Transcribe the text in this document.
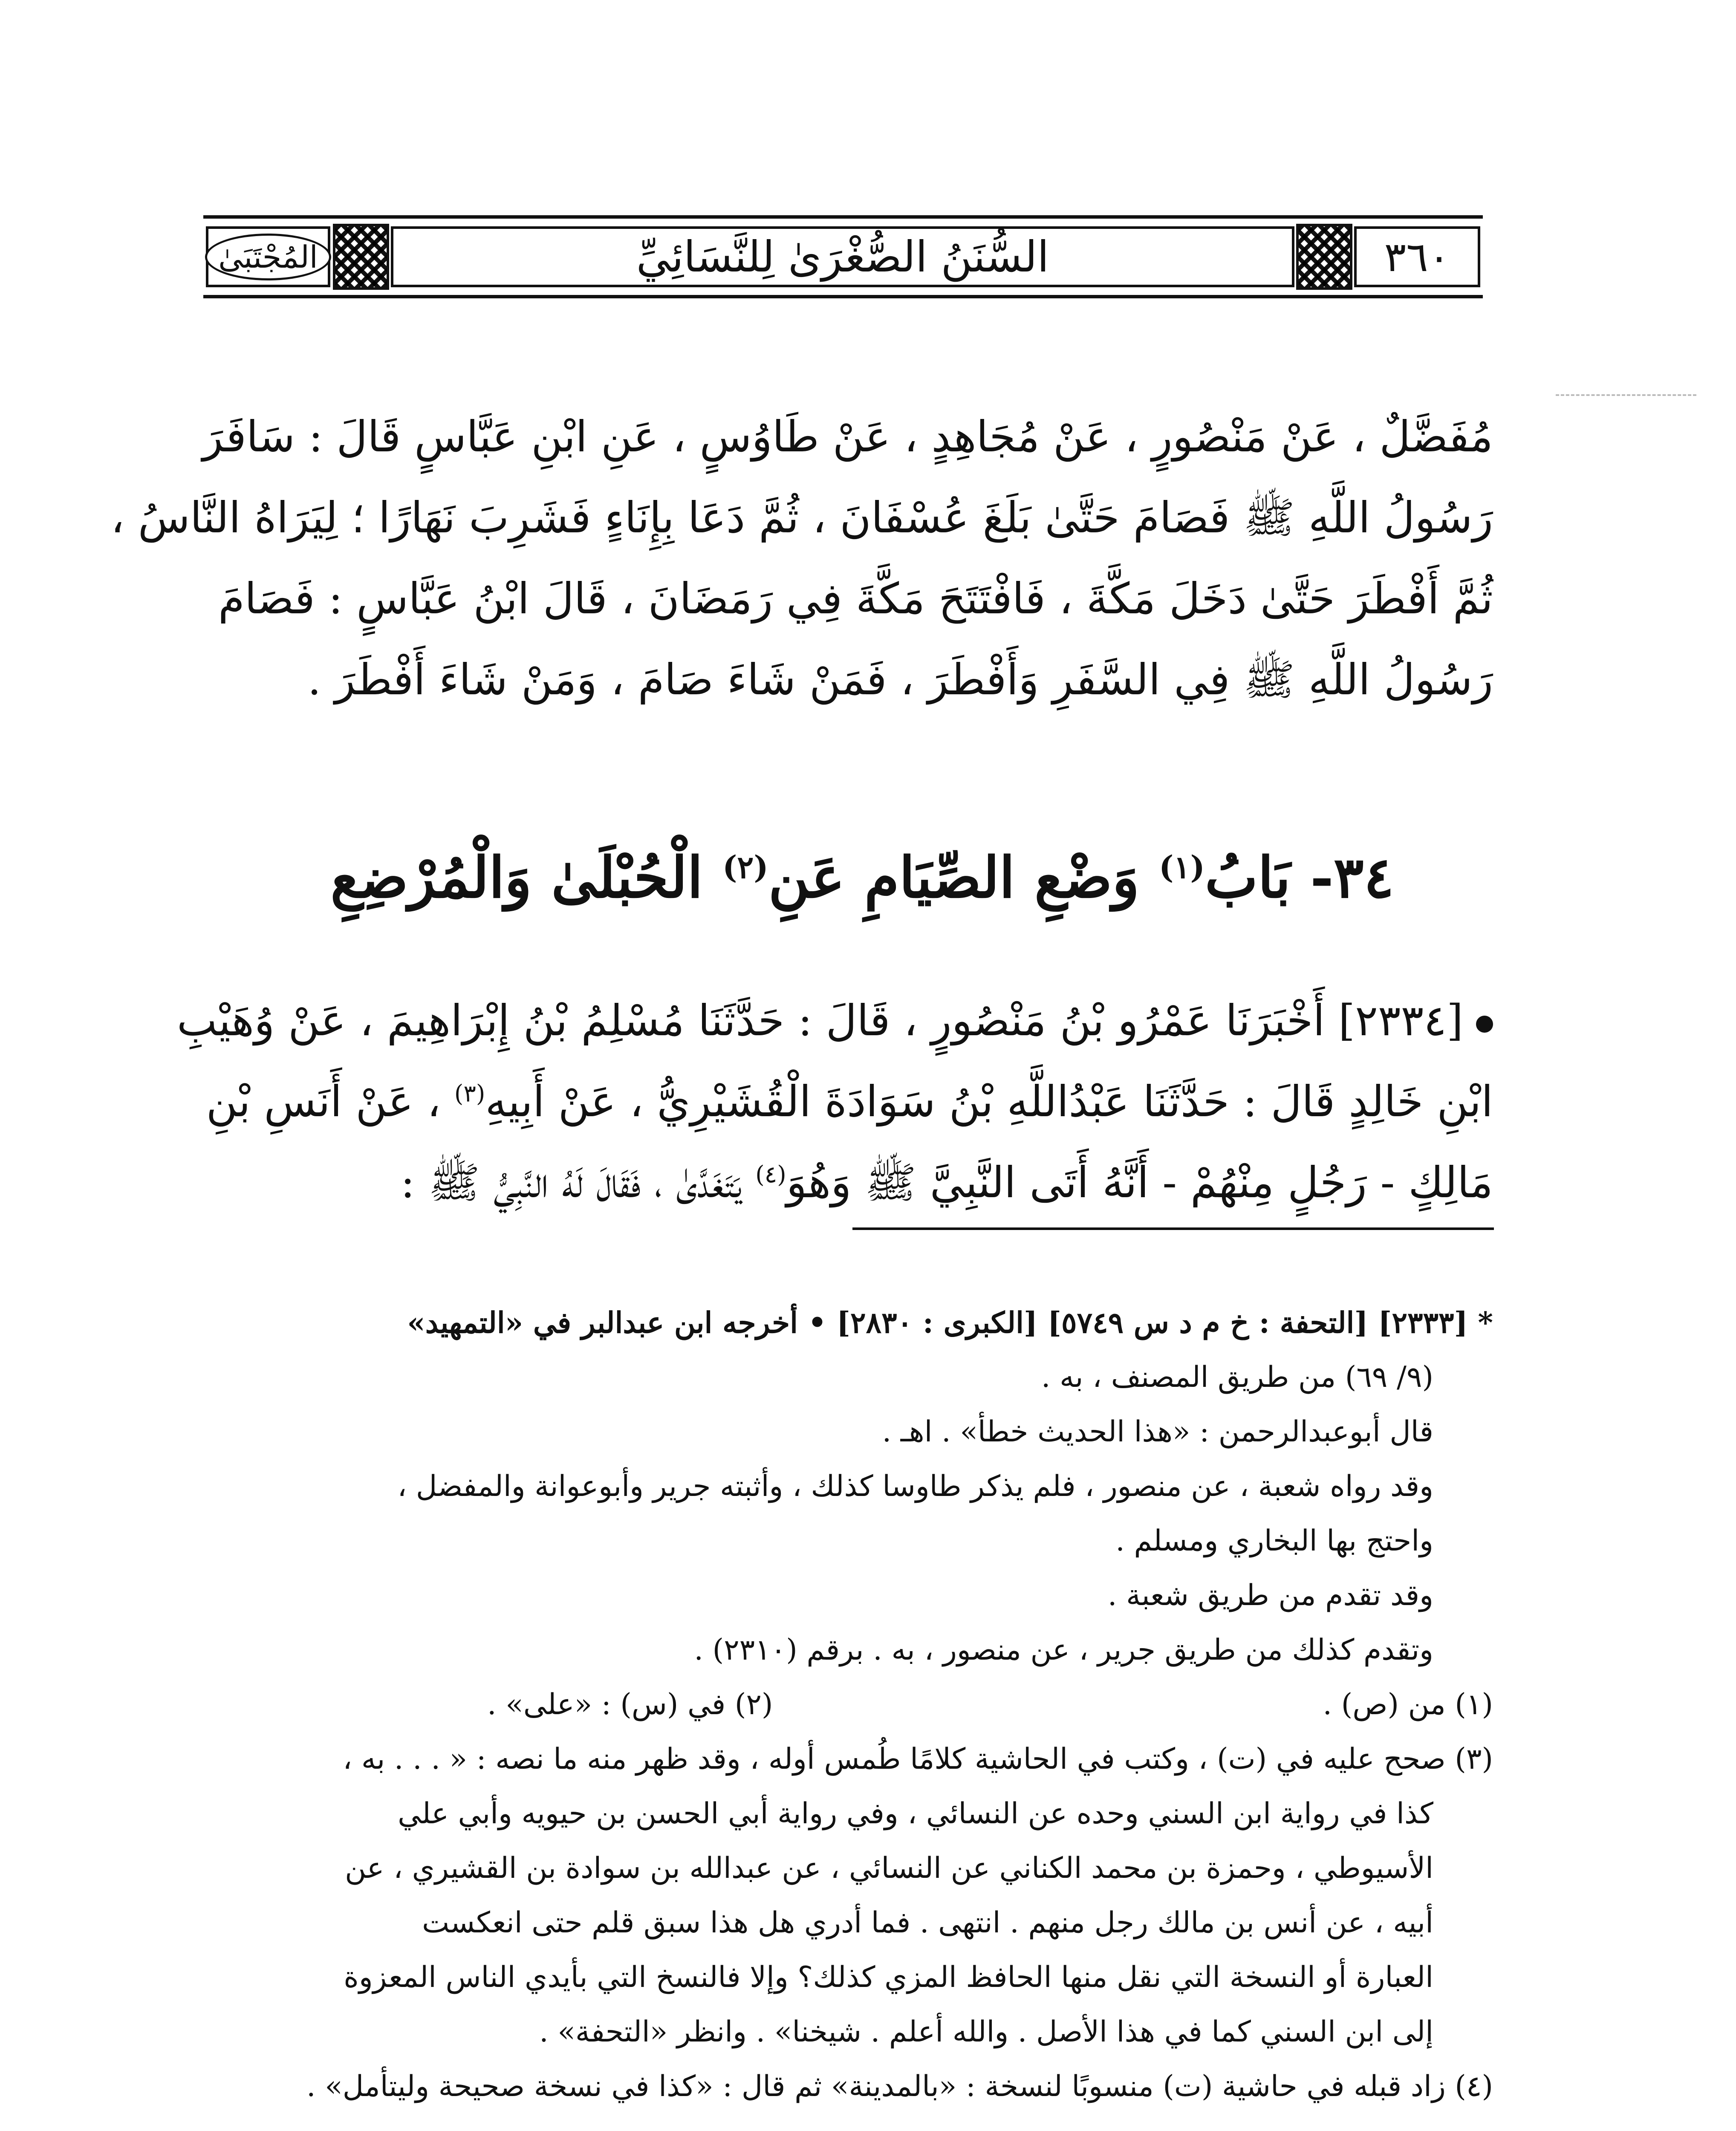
المُجْتَبَىٰ	السُّنَنُ الصُّغْرَىٰ لِلنَّسَائِيِّ	٣٦٠
مُفَضَّلٌ ، عَنْ مَنْصُورٍ ، عَنْ مُجَاهِدٍ ، عَنْ طَاوُسٍ ، عَنِ ابْنِ عَبَّاسٍ قَالَ : سَافَرَ
رَسُولُ اللَّهِ ﷺ فَصَامَ حَتَّىٰ بَلَغَ عُسْفَانَ ، ثُمَّ دَعَا بِإِنَاءٍ فَشَرِبَ نَهَارًا ؛ لِيَرَاهُ النَّاسُ ،
ثُمَّ أَفْطَرَ حَتَّىٰ دَخَلَ مَكَّةَ ، فَافْتَتَحَ مَكَّةَ فِي رَمَضَانَ ، قَالَ ابْنُ عَبَّاسٍ : فَصَامَ
رَسُولُ اللَّهِ ﷺ فِي السَّفَرِ وَأَفْطَرَ ، فَمَنْ شَاءَ صَامَ ، وَمَنْ شَاءَ أَفْطَرَ .
٣٤- بَابُ$^{(١)}$ وَضْعِ الصِّيَامِ عَنِ$^{(٢)}$ الْحُبْلَىٰ وَالْمُرْضِعِ
[٢٣٣٤] أَخْبَرَنَا عَمْرُو بْنُ مَنْصُورٍ ، قَالَ : حَدَّثَنَا مُسْلِمُ بْنُ إِبْرَاهِيمَ ، عَنْ وُهَيْبِ
ابْنِ خَالِدٍ قَالَ : حَدَّثَنَا عَبْدُاللَّهِ بْنُ سَوَادَةَ الْقُشَيْرِيُّ ، عَنْ أَبِيهِ$^{(٣)}$ ، عَنْ أَنَسِ بْنِ
مَالِكٍ - رَجُلٍ مِنْهُمْ - أَنَّهُ أَتَى النَّبِيَّ ﷺ وَهُوَ$^{(٤)}$ يَتَغَدَّىٰ ، فَقَالَ لَهُ النَّبِيُّ ﷺ :
* [٢٣٣٣] [التحفة : خ م د س ٥٧٤٩] [الكبرى : ٢٨٣٠] • أخرجه ابن عبدالبر في «التمهيد»
(٩/ ٦٩) من طريق المصنف ، به .
قال أبوعبدالرحمن : «هذا الحديث خطأ» . اهـ .
وقد رواه شعبة ، عن منصور ، فلم يذكر طاوسا كذلك ، وأثبته جرير وأبوعوانة والمفضل ،
واحتج بها البخاري ومسلم .
وقد تقدم من طريق شعبة .
وتقدم كذلك من طريق جرير ، عن منصور ، به . برقم (٢٣١٠) .
(١) من (ص) .
(٢) في (س) : «على» .
(٣) صحح عليه في (ت) ، وكتب في الحاشية كلامًا طُمس أوله ، وقد ظهر منه ما نصه : « . . . به ،
كذا في رواية ابن السني وحده عن النسائي ، وفي رواية أبي الحسن بن حيويه وأبي علي
الأسيوطي ، وحمزة بن محمد الكناني عن النسائي ، عن عبدالله بن سوادة بن القشيري ، عن
أبيه ، عن أنس بن مالك رجل منهم . انتهى . فما أدري هل هذا سبق قلم حتى انعكست
العبارة أو النسخة التي نقل منها الحافظ المزي كذلك؟ وإلا فالنسخ التي بأيدي الناس المعزوة
إلى ابن السني كما في هذا الأصل . والله أعلم . شيخنا» . وانظر «التحفة» .
(٤) زاد قبله في حاشية (ت) منسوبًا لنسخة : «بالمدينة» ثم قال : «كذا في نسخة صحيحة وليتأمل» .
